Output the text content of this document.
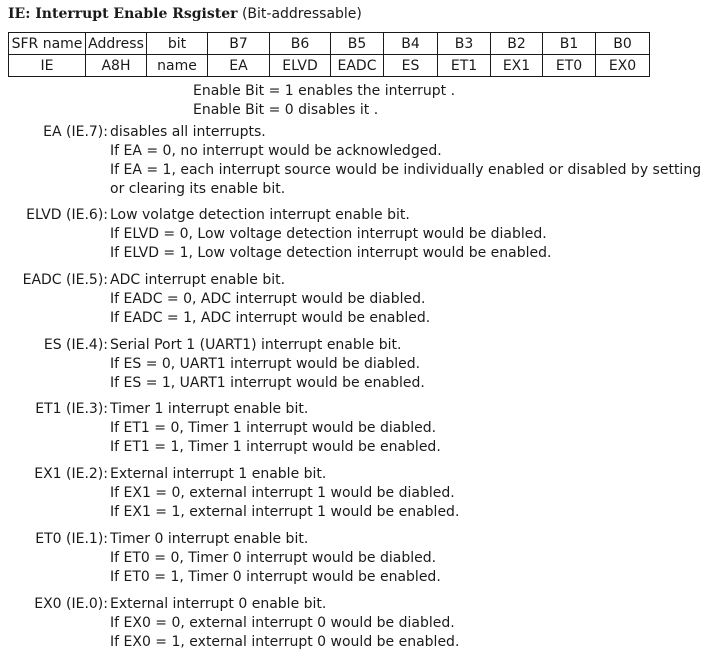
IE: Interrupt Enable Rsgister (Bit-addressable)
SFR name	Address	bit	B7	B6	B5	B4	B3	B2	B1	B0
IE	A8H	name	EA	ELVD	EADC	ES	ET1	EX1	ET0	EX0
Enable Bit = 1 enables the interrupt .
Enable Bit = 0 disables it .
EA (IE.7): disables all interrupts.
If EA = 0, no interrupt would be acknowledged.
If EA = 1, each interrupt source would be individually enabled or disabled by setting or clearing its enable bit.
ELVD (IE.6): Low volatge detection interrupt enable bit.
If ELVD = 0, Low voltage detection interrupt would be diabled.
If ELVD = 1, Low voltage detection interrupt would be enabled.
EADC (IE.5): ADC interrupt enable bit.
If EADC = 0, ADC interrupt would be diabled.
If EADC = 1, ADC interrupt would be enabled.
ES (IE.4): Serial Port 1 (UART1) interrupt enable bit.
If ES = 0, UART1 interrupt would be diabled.
If ES = 1, UART1 interrupt would be enabled.
ET1 (IE.3): Timer 1 interrupt enable bit.
If ET1 = 0, Timer 1 interrupt would be diabled.
If ET1 = 1, Timer 1 interrupt would be enabled.
EX1 (IE.2): External interrupt 1 enable bit.
If EX1 = 0, external interrupt 1 would be diabled.
If EX1 = 1, external interrupt 1 would be enabled.
ET0 (IE.1): Timer 0 interrupt enable bit.
If ET0 = 0, Timer 0 interrupt would be diabled.
If ET0 = 1, Timer 0 interrupt would be enabled.
EX0 (IE.0): External interrupt 0 enable bit.
If EX0 = 0, external interrupt 0 would be diabled.
If EX0 = 1, external interrupt 0 would be enabled.
